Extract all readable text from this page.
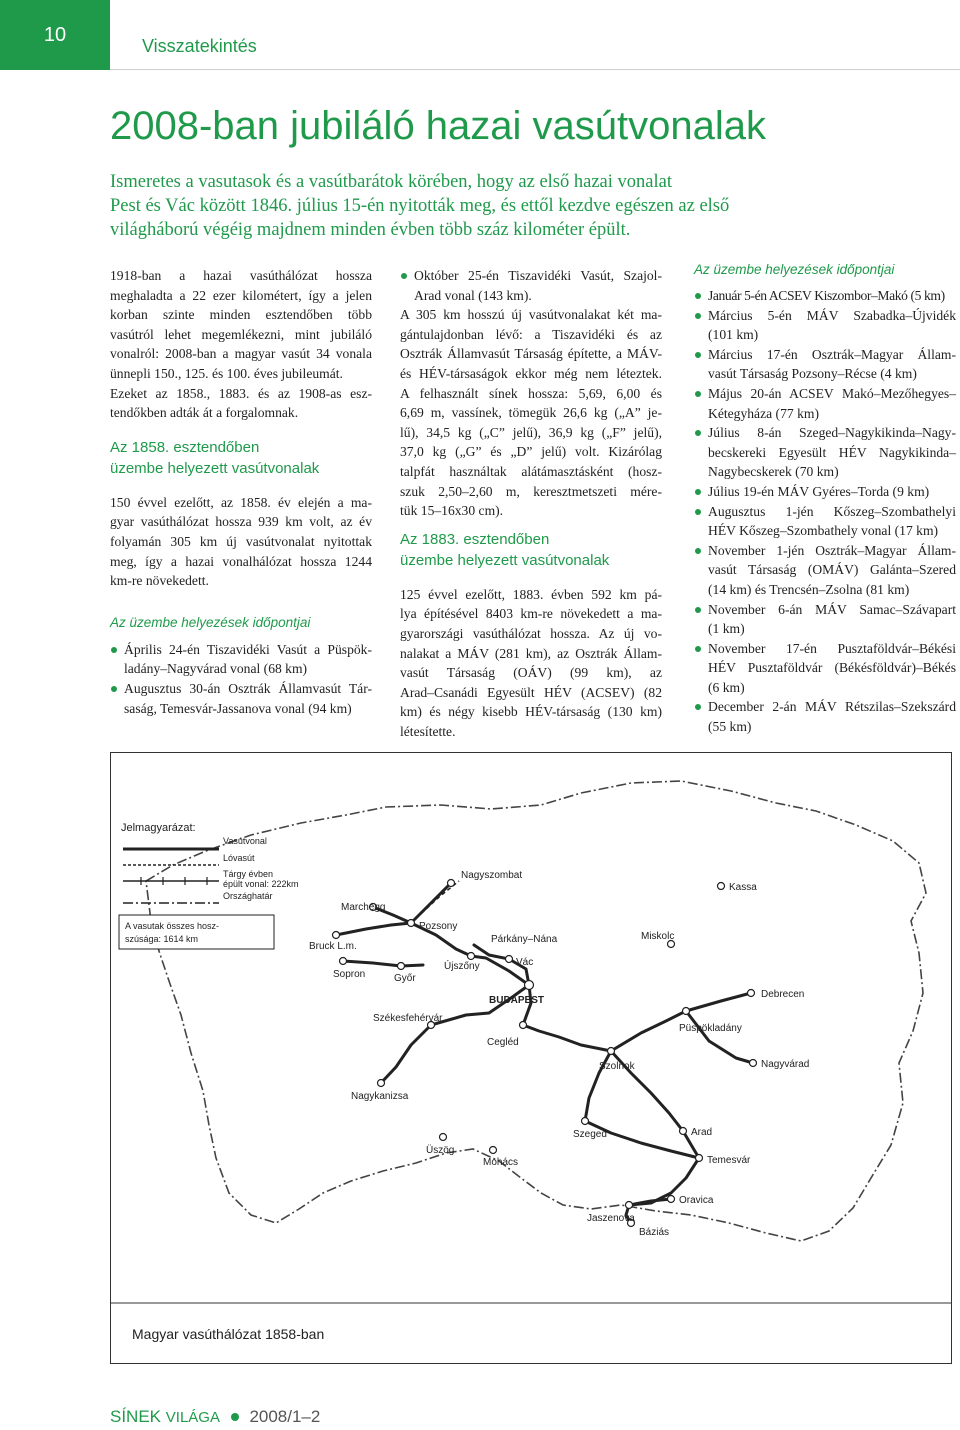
10
Visszatekintés
2008-ban jubiláló hazai vasútvonalak

Ismeretes a vasutasok és a vasútbarátok körében, hogy az első hazai vonalat

Pest és Vác között 1846. július 15-én nyitották meg, és ettől kezdve egészen az első

világháború végéig majdnem minden évben több száz kilométer épült.

1918-ban a hazai vasúthálózat hossza
meghaladta a 22 ezer kilométert, így a jelen
korban szinte minden esztendőben több
vasútról lehet megemlékezni, mint jubiláló
vonalról: 2008-ban a magyar vasút 34 vonala
ünnepli 150., 125. és 100. éves jubileumát.
Ezeket az 1858., 1883. és az 1908-as esz-
tendőkben adták át a forgalomnak.

Az 1858. esztendőben
üzembe helyezett vasútvonalak

150 évvel ezelőtt, az 1858. év elején a ma-
gyar vasúthálózat hossza 939 km volt, az év
folyamán 305 km új vasútvonalat nyitottak
meg, így a hazai vonalhálózat hossza 1244
km-re növekedett.

Az üzembe helyezések időpontjai

Április 24-én Tiszavidéki Vasút a Püspök-
ladány–Nagyvárad vonal (68 km)
Augusztus 30-án Osztrák Államvasút Tár-
saság, Temesvár-Jassanova vonal (94 km)
Október 25-én Tiszavidéki Vasút, Szajol-
Arad vonal (143 km).

A 305 km hosszú új vasútvonalakat két ma-
gántulajdonban lévő: a Tiszavidéki és az
Osztrák Államvasút Társaság építette, a MÁV-
és HÉV-társaságok ekkor még nem léteztek.
A felhasznált sínek hossza: 5,69, 6,00 és
6,69 m, vassínek, tömegük 26,6 kg („A” je-
lű), 34,5 kg („C” jelű), 36,9 kg („F” jelű),
37,0 kg („G” és „D” jelű) volt. Kizárólag
talpfát használtak alátámasztásként (hosz-
szuk 2,50–2,60 m, keresztmetszeti mére-
tük 15–16x30 cm).

Az 1883. esztendőben
üzembe helyezett vasútvonalak

125 évvel ezelőtt, 1883. évben 592 km pá-
lya építésével 8403 km-re növekedett a ma-
gyarországi vasúthálózat hossza. Az új vo-
nalakat a MÁV (281 km), az Osztrák Állam-
vasút Társaság (OÁV) (99 km), az
Arad–Csanádi Egyesült HÉV (ACSEV) (82
km) és négy kisebb HÉV-társaság (130 km)
létesítette.

Az üzembe helyezések időpontjai

Január 5-én ACSEV Kiszombor–Makó (5 km)
Március 5-én MÁV Szabadka–Újvidék
(101 km)
Március 17-én Osztrák–Magyar Állam-
vasút Társaság Pozsony–Récse (4 km)
Május 20-án ACSEV Makó–Mezőhegyes–
Kétegyháza (77 km)
Július 8-án Szeged–Nagykikinda–Nagy-
becskereki Egyesült HÉV Nagykikinda–
Nagybecskerek (70 km)
Július 19-én MÁV Gyéres–Torda (9 km)
Augusztus 1-jén Kőszeg–Szombathelyi
HÉV Kőszeg–Szombathely vonal (17 km)
November 1-jén Osztrák–Magyar Állam-
vasút Társaság (OMÁV) Galánta–Szered
(14 km) és Trencsén–Zsolna (81 km)
November 6-án MÁV Samac–Szávapart
(1 km)
November 17-én Pusztaföldvár–Békési
HÉV Pusztaföldvár (Békésföldvár)–Békés
(6 km)
December 2-án MÁV Rétszilas–Szekszárd
(55 km)
Jelmagyarázat:
Vasútvonal
Lóvasút
Tárgy évben
épült vonal: 222km
Országhatár
A vasutak összes hosz-
szúsága: 1614 km
Kassa
Nagyszombat
Marchegg
Pozsony
Bruck L.m.
Párkány–Nána	Miskolc
Vác
Sopron	Győr
Újszőny
BUDAPEST
Debrecen
Püspökladány
Székesfehérvár
Cegléd
Szolnok	Nagyvárad
Nagykanizsa
Üszög
Mohács
Szeged	Arad
Temesvár
Jaszenova
Oravica
Báziás
Magyar vasúthálózat 1858-ban
SÍNEK VILÁGA 2008/1–2
